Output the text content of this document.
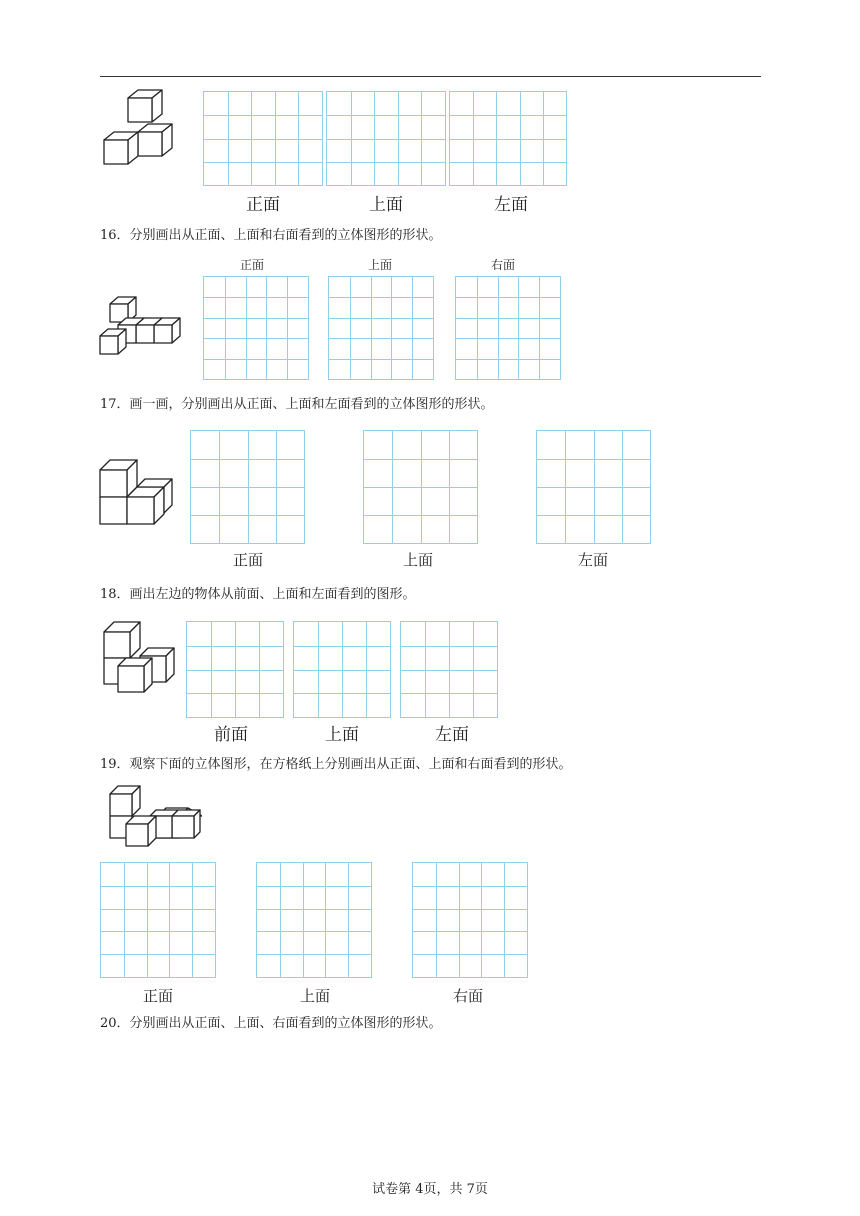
正面	上面	左面
16．分别画出从正面、上面和右面看到的立体图形的形状。
正面	上面	右面
17．画一画，分别画出从正面、上面和左面看到的立体图形的形状。
正面	上面	左面
18．画出左边的物体从前面、上面和左面看到的图形。
前面	上面	左面
19．观察下面的立体图形，在方格纸上分别画出从正面、上面和右面看到的形状。
正面	上面	右面
20．分别画出从正面、上面、右面看到的立体图形的形状。
试卷第 4页，共 7页
